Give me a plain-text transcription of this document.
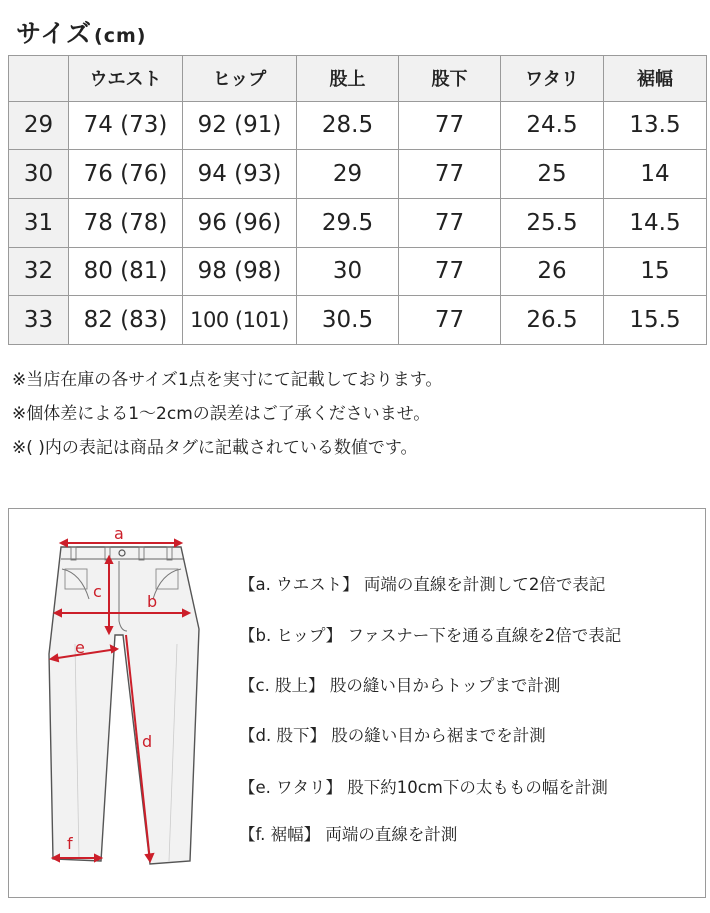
サイズ (cm)
	ウエスト	ヒップ	股上	股下	ワタリ	裾幅
29	74 (73)	92 (91)	28.5	77	24.5	13.5
30	76 (76)	94 (93)	29	77	25	14
31	78 (78)	96 (96)	29.5	77	25.5	14.5
32	80 (81)	98 (98)	30	77	26	15
33	82 (83)	100 (101)	30.5	77	26.5	15.5
※当店在庫の各サイズ1点を実寸にて記載しております。
※個体差による1〜2cmの誤差はご了承くださいませ。
※( )内の表記は商品タグに記載されている数値です。
a
b
c
d
e
f
【a. ウエスト】 両端の直線を計測して2倍で表記
【b. ヒップ】 ファスナー下を通る直線を2倍で表記
【c. 股上】 股の縫い目からトップまで計測
【d. 股下】 股の縫い目から裾までを計測
【e. ワタリ】 股下約10cm下の太ももの幅を計測
【f. 裾幅】 両端の直線を計測
